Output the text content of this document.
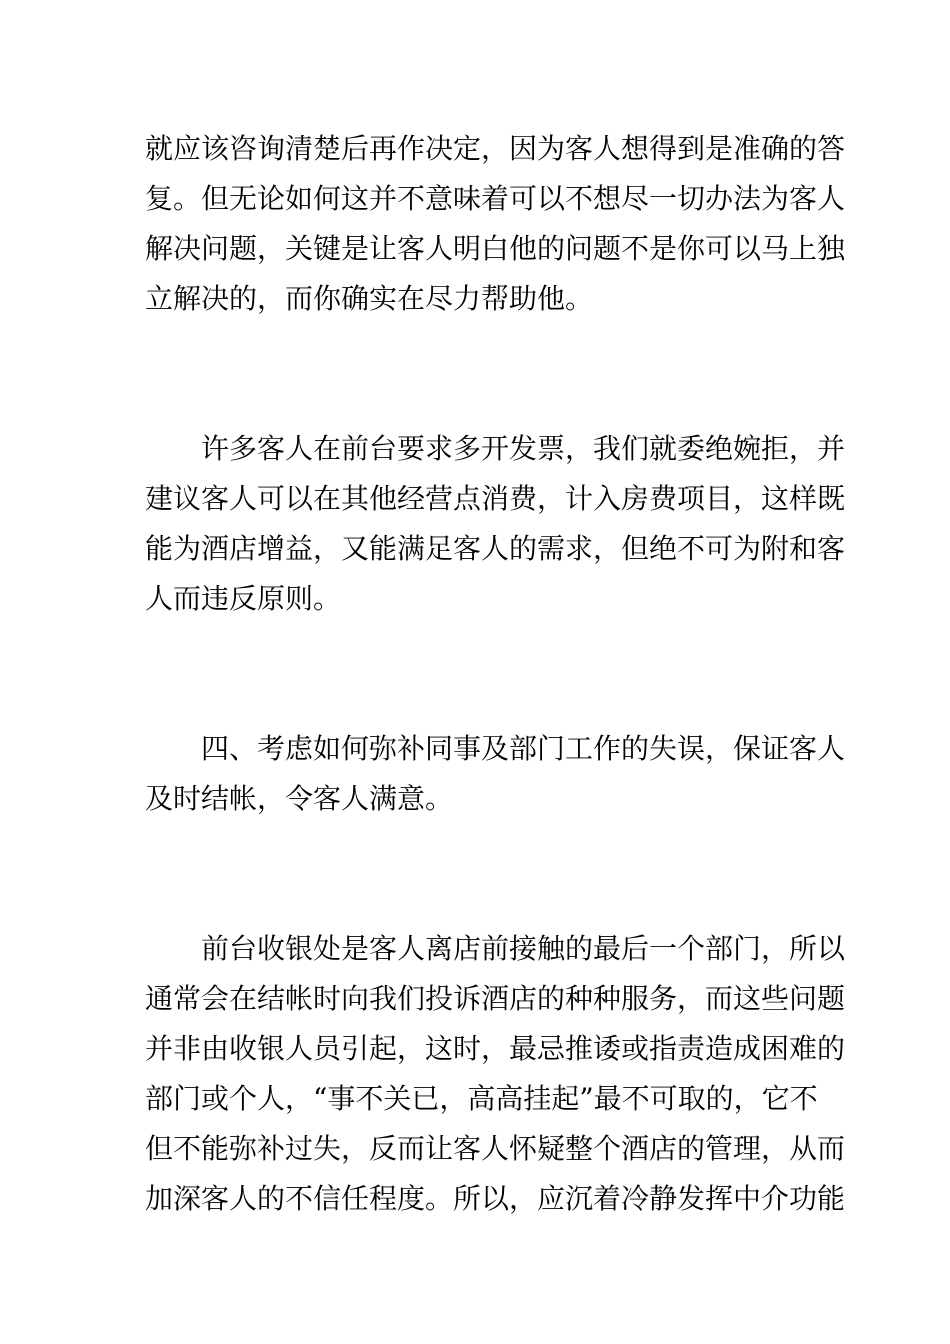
就应该咨询清楚后再作决定，因为客人想得到是准确的答
复。但无论如何这并不意味着可以不想尽一切办法为客人
解决问题，关键是让客人明白他的问题不是你可以马上独
立解决的，而你确实在尽力帮助他。
许多客人在前台要求多开发票，我们就委绝婉拒，并
建议客人可以在其他经营点消费，计入房费项目，这样既
能为酒店增益，又能满足客人的需求，但绝不可为附和客
人而违反原则。
四、考虑如何弥补同事及部门工作的失误，保证客人
及时结帐，令客人满意。
前台收银处是客人离店前接触的最后一个部门，所以
通常会在结帐时向我们投诉酒店的种种服务，而这些问题
并非由收银人员引起，这时，最忌推诿或指责造成困难的
部门或个人，“事不关已，高高挂起”最不可取的，它不
但不能弥补过失，反而让客人怀疑整个酒店的管理，从而
加深客人的不信任程度。所以，应沉着冷静发挥中介功能
